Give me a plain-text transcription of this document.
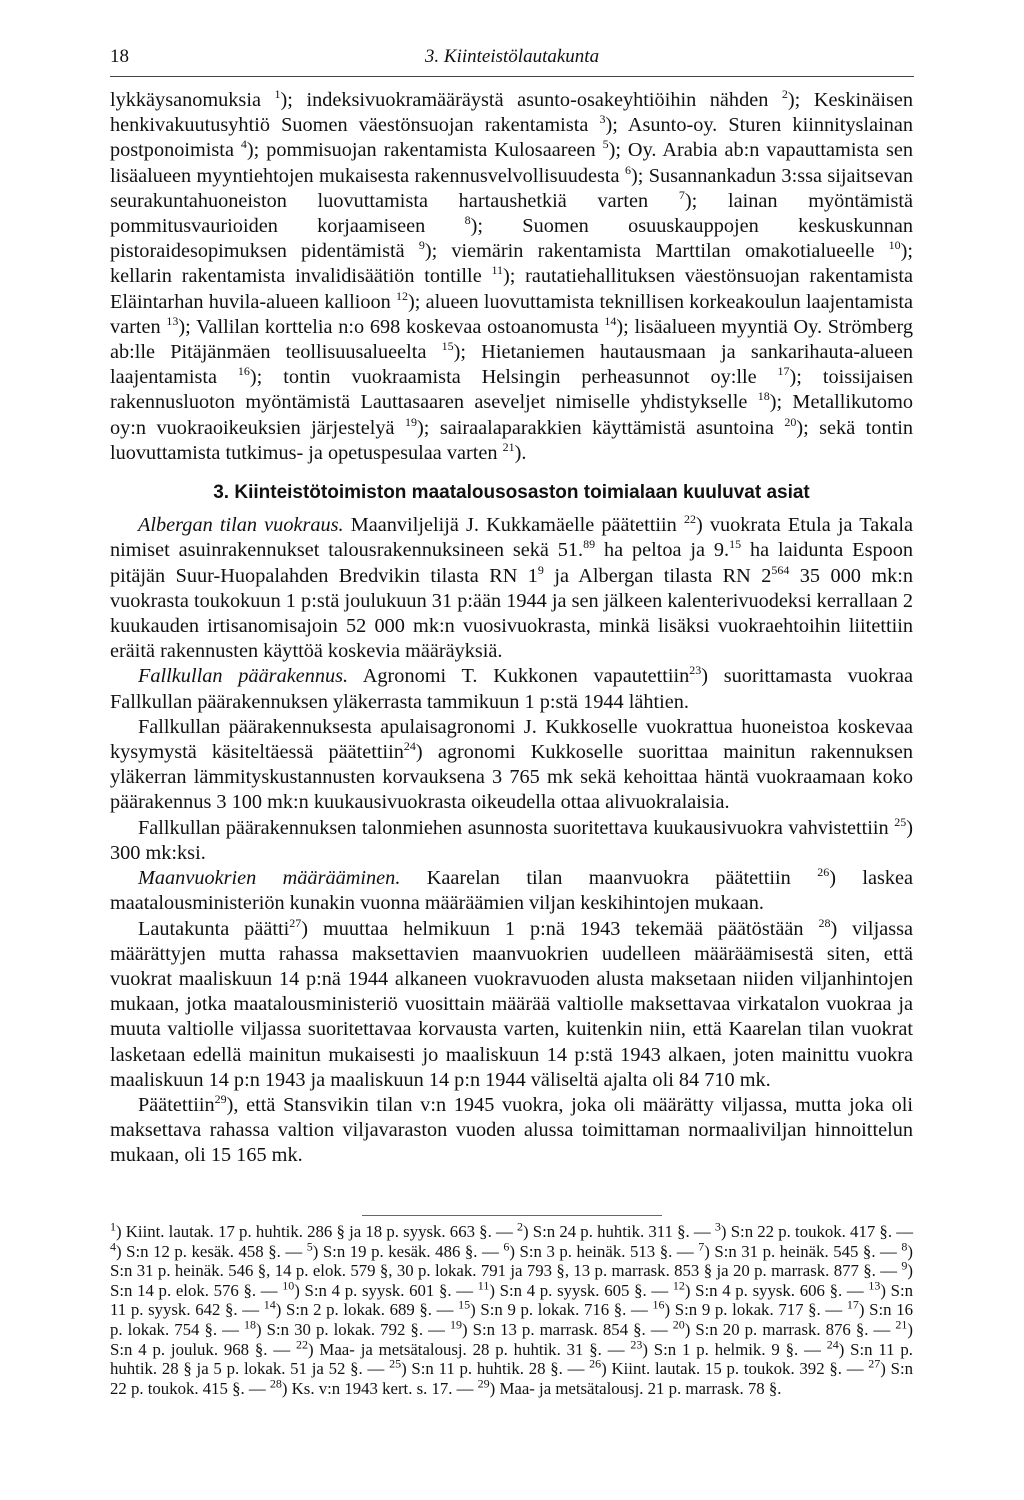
18	3. Kiinteistölautakunta

lykkäysanomuksia $^1$); indeksivuokramääräystä asunto-osakeyhtiöihin nähden $^2$); Keskinäisen henkivakuutusyhtiö Suomen väestönsuojan rakentamista $^3$); Asunto-oy. Sturen kiinnityslainan postponoimista $^4$); pommisuojan rakentamista Kulosaareen $^5$); Oy. Arabia ab:n vapauttamista sen lisäalueen myyntiehtojen mukaisesta rakennusvelvollisuudesta $^6$); Susannankadun 3:ssa sijaitsevan seurakuntahuoneiston luovuttamista hartaushetkiä varten $^7$); lainan myöntämistä pommitusvaurioiden korjaamiseen $^8$); Suomen osuuskauppojen keskuskunnan pistoraidesopimuksen pidentämistä $^9$); viemärin rakentamista Marttilan omakotialueelle $^{10}$); kellarin rakentamista invalidisäätiön tontille $^{11}$); rautatiehallituksen väestönsuojan rakentamista Eläintarhan huvila-alueen kallioon $^{12}$); alueen luovuttamista teknillisen korkeakoulun laajentamista varten $^{13}$); Vallilan korttelia n:o 698 koskevaa ostoanomusta $^{14}$); lisäalueen myyntiä Oy. Strömberg ab:lle Pitäjänmäen teollisuusalueelta $^{15}$); Hietaniemen hautausmaan ja sankarihauta-alueen laajentamista $^{16}$); tontin vuokraamista Helsingin perheasunnot oy:lle $^{17}$); toissijaisen rakennusluoton myöntämistä Lauttasaaren aseveljet nimiselle yhdistykselle $^{18}$); Metallikutomo oy:n vuokraoikeuksien järjestelyä $^{19}$); sairaalaparakkien käyttämistä asuntoina $^{20}$); sekä tontin luovuttamista tutkimus- ja opetuspesulaa varten $^{21}$).

3. Kiinteistötoimiston maatalousosaston toimialaan kuuluvat asiat

Albergan tilan vuokraus. Maanviljelijä J. Kukkamäelle päätettiin $^{22}$) vuokrata Etula ja Takala nimiset asuinrakennukset talousrakennuksineen sekä 51.89 ha peltoa ja 9.15 ha laidunta Espoon pitäjän Suur-Huopalahden Bredvikin tilasta RN $1^9$ ja Albergan tilasta RN $2^{564}$ 35 000 mk:n vuokrasta toukokuun 1 p:stä joulukuun 31 p:ään 1944 ja sen jälkeen kalenterivuodeksi kerrallaan 2 kuukauden irtisanomisajoin 52 000 mk:n vuosivuokrasta, minkä lisäksi vuokraehtoihin liitettiin eräitä rakennusten käyttöä koskevia määräyksiä.

Fallkullan päärakennus. Agronomi T. Kukkonen vapautettiin$^{23}$) suorittamasta vuokraa Fallkullan päärakennuksen yläkerrasta tammikuun 1 p:stä 1944 lähtien.

Fallkullan päärakennuksesta apulaisagronomi J. Kukkoselle vuokrattua huoneistoa koskevaa kysymystä käsiteltäessä päätettiin$^{24}$) agronomi Kukkoselle suorittaa mainitun rakennuksen yläkerran lämmityskustannusten korvauksena 3 765 mk sekä kehoittaa häntä vuokraamaan koko päärakennus 3 100 mk:n kuukausivuokrasta oikeudella ottaa alivuokralaisia.

Fallkullan päärakennuksen talonmiehen asunnosta suoritettava kuukausivuokra vahvistettiin $^{25}$) 300 mk:ksi.

Maanvuokrien määrääminen. Kaarelan tilan maanvuokra päätettiin $^{26}$) laskea maatalousministeriön kunakin vuonna määräämien viljan keskihintojen mukaan.

Lautakunta päätti$^{27}$) muuttaa helmikuun 1 p:nä 1943 tekemää päätöstään $^{28}$) viljassa määrättyjen mutta rahassa maksettavien maanvuokrien uudelleen määräämisestä siten, että vuokrat maaliskuun 14 p:nä 1944 alkaneen vuokravuoden alusta maksetaan niiden viljanhintojen mukaan, jotka maatalousministeriö vuosittain määrää valtiolle maksettavaa virkatalon vuokraa ja muuta valtiolle viljassa suoritettavaa korvausta varten, kuitenkin niin, että Kaarelan tilan vuokrat lasketaan edellä mainitun mukaisesti jo maaliskuun 14 p:stä 1943 alkaen, joten mainittu vuokra maaliskuun 14 p:n 1943 ja maaliskuun 14 p:n 1944 väliseltä ajalta oli 84 710 mk.

Päätettiin$^{29}$), että Stansvikin tilan v:n 1945 vuokra, joka oli määrätty viljassa, mutta joka oli maksettava rahassa valtion viljavaraston vuoden alussa toimittaman normaaliviljan hinnoittelun mukaan, oli 15 165 mk.

$^1$) Kiint. lautak. 17 p. huhtik. 286 § ja 18 p. syysk. 663 §. — $^2$) S:n 24 p. huhtik. 311 §. — $^3$) S:n 22 p. toukok. 417 §. — $^4$) S:n 12 p. kesäk. 458 §. — $^5$) S:n 19 p. kesäk. 486 §. — $^6$) S:n 3 p. heinäk. 513 §. — $^7$) S:n 31 p. heinäk. 545 §. — $^8$) S:n 31 p. heinäk. 546 §, 14 p. elok. 579 §, 30 p. lokak. 791 ja 793 §, 13 p. marrask. 853 § ja 20 p. marrask. 877 §. — $^9$) S:n 14 p. elok. 576 §. — $^{10}$) S:n 4 p. syysk. 601 §. — $^{11}$) S:n 4 p. syysk. 605 §. — $^{12}$) S:n 4 p. syysk. 606 §. — $^{13}$) S:n 11 p. syysk. 642 §. — $^{14}$) S:n 2 p. lokak. 689 §. — $^{15}$) S:n 9 p. lokak. 716 §. — $^{16}$) S:n 9 p. lokak. 717 §. — $^{17}$) S:n 16 p. lokak. 754 §. — $^{18}$) S:n 30 p. lokak. 792 §. — $^{19}$) S:n 13 p. marrask. 854 §. — $^{20}$) S:n 20 p. marrask. 876 §. — $^{21}$) S:n 4 p. jouluk. 968 §. — $^{22}$) Maa- ja metsätalousj. 28 p. huhtik. 31 §. — $^{23}$) S:n 1 p. helmik. 9 §. — $^{24}$) S:n 11 p. huhtik. 28 § ja 5 p. lokak. 51 ja 52 §. — $^{25}$) S:n 11 p. huhtik. 28 §. — $^{26}$) Kiint. lautak. 15 p. toukok. 392 §. — $^{27}$) S:n 22 p. toukok. 415 §. — $^{28}$) Ks. v:n 1943 kert. s. 17. — $^{29}$) Maa- ja metsätalousj. 21 p. marrask. 78 §.
